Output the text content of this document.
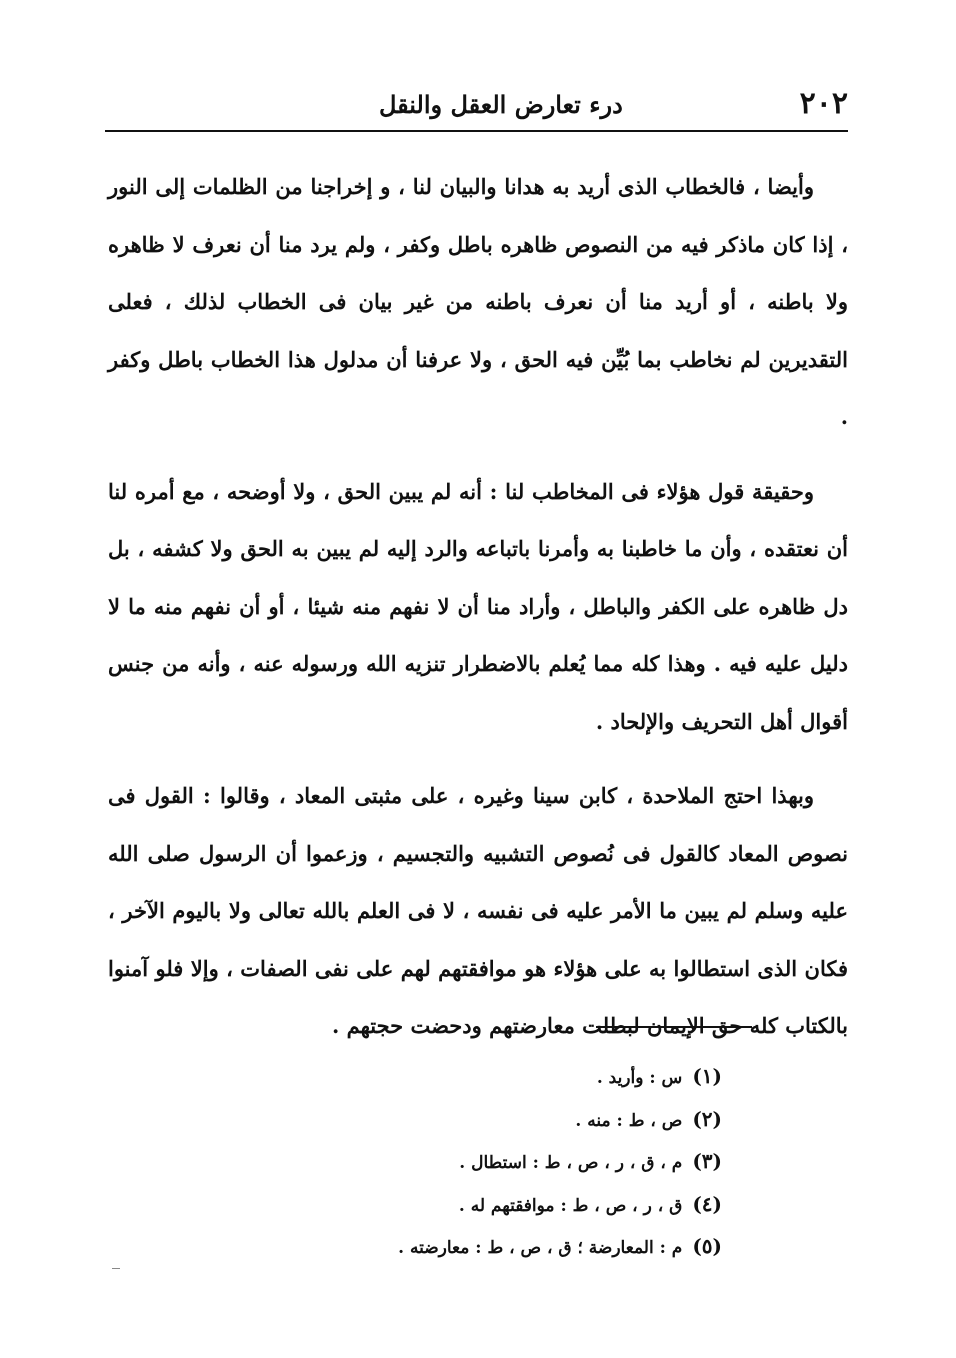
٢٠٢
درء تعارض العقل والنقل

وأيضا ، فالخطاب الذى أريد به هدانا والبيان لنا ، و إخراجنا من الظلمات إلى النور ، إذا كان ماذكر فيه من النصوص ظاهره باطل وكفر ، ولم يرد منا أن نعرف لا ظاهره ولا باطنه ، أو أريد منا أن نعرف باطنه من غير بيان فى الخطاب لذلك ، فعلى التقديرين لم نخاطب بما بُيِّن فيه الحق ، ولا عرفنا أن مدلول هذا الخطاب باطل وكفر .

وحقيقة قول هؤلاء فى المخاطب لنا : أنه لم يبين الحق ، ولا أوضحه ، مع أمره لنا أن نعتقده ، وأن ما خاطبنا به وأمرنا باتباعه والرد إليه لم يبين به الحق ولا كشفه ، بل دل ظاهره على الكفر والباطل ، وأراد منا أن لا نفهم منه شيئا ، أو أن نفهم منه ما لا دليل عليه فيه . وهذا كله مما يُعلم بالاضطرار تنزيه الله ورسوله عنه ، وأنه من جنس أقوال أهل التحريف والإلحاد .

وبهذا احتج الملاحدة ، كابن سينا وغيره ، على مثبتى المعاد ، وقالوا : القول فى نصوص المعاد كالقول فى نُصوص التشبيه والتجسيم ، وزعموا أن الرسول صلى الله عليه وسلم لم يبين ما الأمر عليه فى نفسه ، لا فى العلم بالله تعالى ولا باليوم الآخر ، فكان الذى استطالوا به على هؤلاء هو موافقتهم لهم على نفى الصفات ، وإلا فلو آمنوا بالكتاب كله حق الإيمان لبطلت معارضتهم ودحضت حجتهم .

(١)س : وأريد .
(٢)ص ، ط : منه .
(٣)م ، ق ، ر ، ص ، ط : استطال .
(٤)ق ، ر ، ص ، ط : موافقتهم له .
(٥)م : المعارضة ؛ ق ، ص ، ط : معارضته .
